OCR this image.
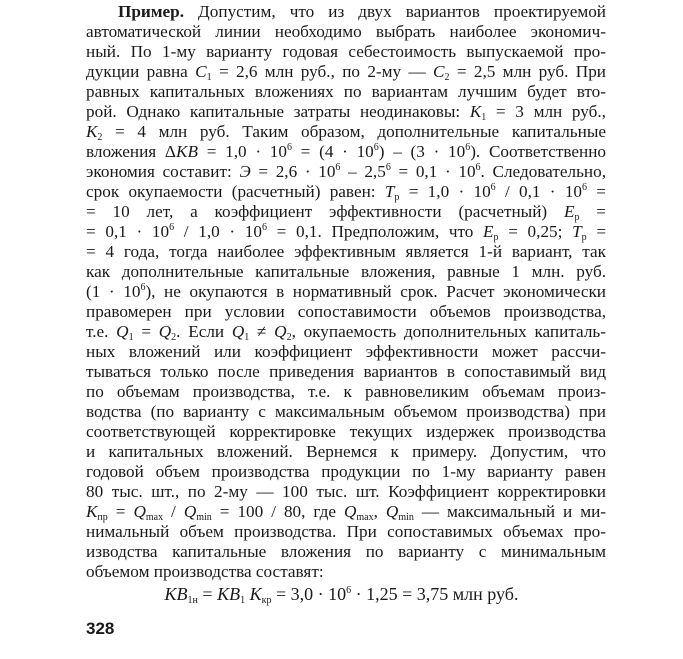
Пример. Допустим, что из двух вариантов проектируемой
автоматической линии необходимо выбрать наиболее экономич-
ный. По 1-му варианту годовая себестоимость выпускаемой про-
дукции равна $С_1 = 2,6$ млн руб., по 2-му — $С_2 = 2,5$ млн руб. При
равных капитальных вложениях по вариантам лучшим будет вто-
рой. Однако капитальные затраты неодинаковы: $К_1 = 3$ млн руб.,
$К_2 = 4$ млн руб. Таким образом, дополнительные капитальные
вложения $\Delta KB = 1,0 \cdot 10^6 = (4 \cdot 10^6) - (3 \cdot 10^6)$. Соответственно
экономия составит: $Э = 2,6 \cdot 10^6 - 2,5^6 = 0,1 \cdot 10^6$. Следовательно,
срок окупаемости (расчетный) равен: $Т_р = 1,0 \cdot 10^6 / 0,1 \cdot 10^6$ =
= 10 лет, а коэффициент эффективности (расчетный) $Е_р$ =
= $0,1 \cdot 10^6 / 1,0 \cdot 10^6 = 0,1$. Предположим, что $Е_р = 0,25$; $Т_р$ =
= 4 года, тогда наиболее эффективным является 1-й вариант, так
как дополнительные капитальные вложения, равные 1 млн. руб.
$(1 \cdot 10^6)$, не окупаются в нормативный срок. Расчет экономически
правомерен при условии сопоставимости объемов производства,
т.е. $Q_1 = Q_2$. Если $Q_1 \ne Q_2$, окупаемость дополнительных капиталь-
ных вложений или коэффициент эффективности может рассчи-
тываться только после приведения вариантов в сопоставимый вид
по объемам производства, т.е. к равновеликим объемам произ-
водства (по варианту с максимальным объемом производства) при
соответствующей корректировке текущих издержек производства
и капитальных вложений. Вернемся к примеру. Допустим, что
годовой объем производства продукции по 1-му варианту равен
80 тыс. шт., по 2-му — 100 тыс. шт. Коэффициент корректировки
$К_{пр} = Q_{max} / Q_{min} = 100 / 80$, где $Q_{max}$, $Q_{min}$ — максимальный и ми-
нимальный объем производства. При сопоставимых объемах про-
изводства капитальные вложения по варианту с минимальным
объемом производства составят:
$KB_{1н} = KB_1$ $K_{кр} = 3,0 \cdot 10^6 \cdot 1,25 = 3,75$ млн руб.
328
